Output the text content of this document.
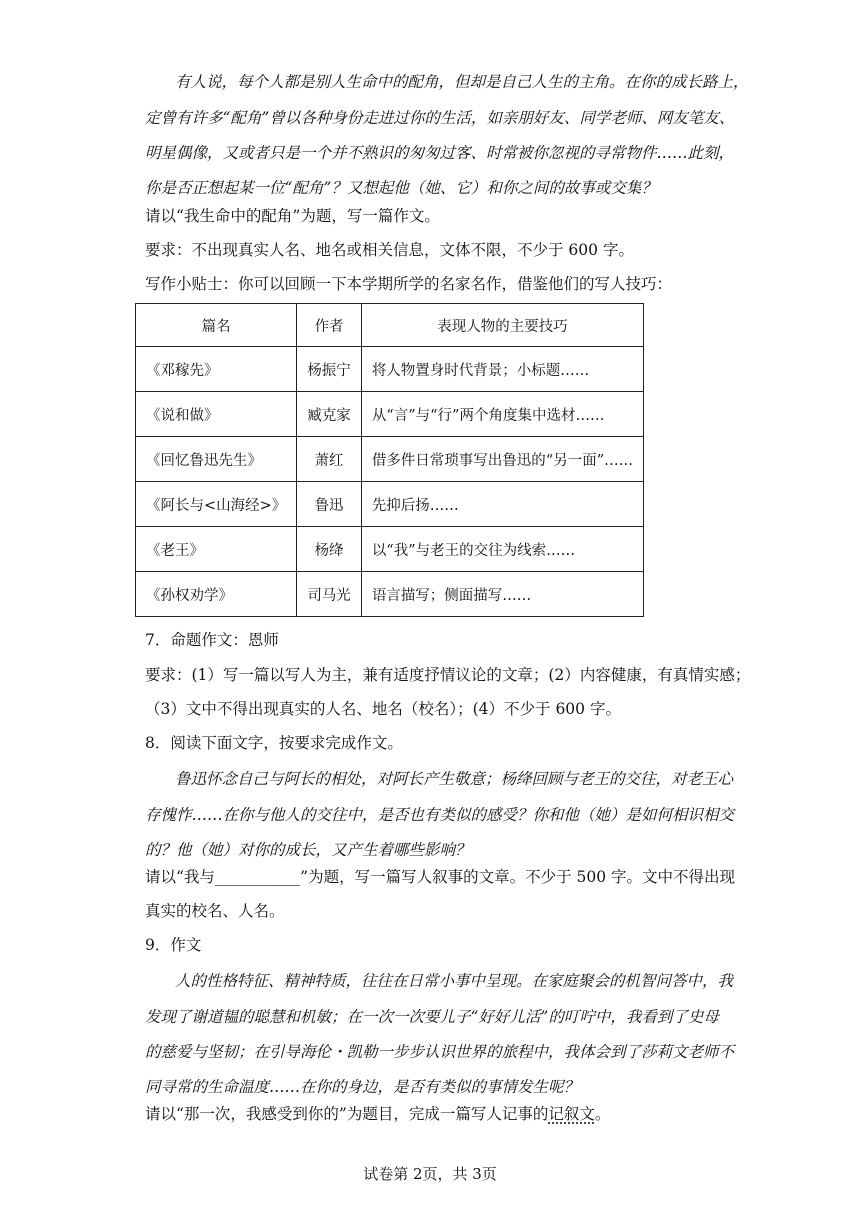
有人说，每个人都是别人生命中的配角，但却是自己人生的主角。在你的成长路上，
定曾有许多“配角”曾以各种身份走进过你的生活，如亲朋好友、同学老师、网友笔友、
明星偶像，又或者只是一个并不熟识的匆匆过客、时常被你忽视的寻常物件……此刻，
你是否正想起某一位“配角”？又想起他（她、它）和你之间的故事或交集？
请以“我生命中的配角”为题，写一篇作文。
要求：不出现真实人名、地名或相关信息，文体不限，不少于 600 字。
写作小贴士：你可以回顾一下本学期所学的名家名作，借鉴他们的写人技巧：
篇名	作者	表现人物的主要技巧
《邓稼先》	杨振宁	将人物置身时代背景；小标题……
《说和做》	臧克家	从“言”与“行”两个角度集中选材……
《回忆鲁迅先生》	萧红	借多件日常琐事写出鲁迅的“另一面”……
《阿长与<山海经>》	鲁迅	先抑后扬……
《老王》	杨绛	以“我”与老王的交往为线索……
《孙权劝学》	司马光	语言描写；侧面描写……
7．命题作文：恩师
要求：(1）写一篇以写人为主，兼有适度抒情议论的文章；(2）内容健康，有真情实感；
（3）文中不得出现真实的人名、地名（校名）；(4）不少于 600 字。
8．阅读下面文字，按要求完成作文。
鲁迅怀念自己与阿长的相处，对阿长产生敬意；杨绛回顾与老王的交往，对老王心
存愧怍……在你与他人的交往中，是否也有类似的感受？你和他（她）是如何相识相交
的？他（她）对你的成长，又产生着哪些影响？
请以“我与___________”为题，写一篇写人叙事的文章。不少于 500 字。文中不得出现
真实的校名、人名。
9．作文
人的性格特征、精神特质，往往在日常小事中呈现。在家庭聚会的机智问答中，我
发现了谢道韫的聪慧和机敏；在一次一次要儿子“好好儿活”的叮咛中，我看到了史母
的慈爱与坚韧；在引导海伦・凯勒一步步认识世界的旅程中，我体会到了莎莉文老师不
同寻常的生命温度……在你的身边，是否有类似的事情发生呢？
请以“那一次，我感受到你的”为题目，完成一篇写人记事的记叙文。
试卷第 2页，共 3页
